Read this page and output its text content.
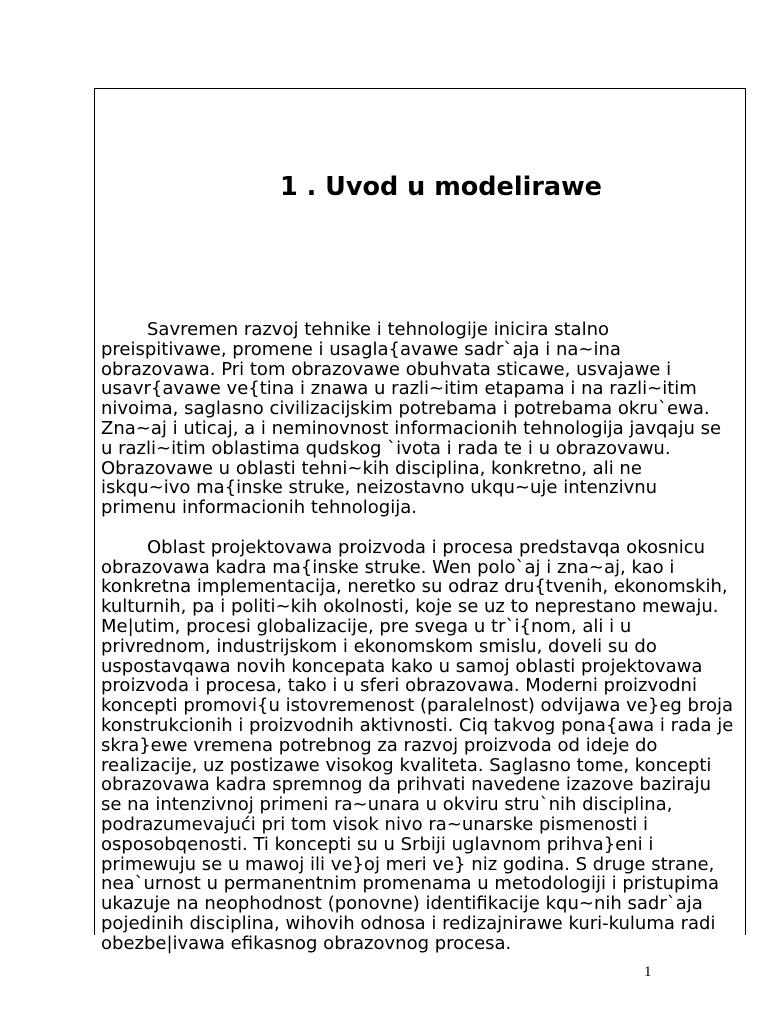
1 . Uvod u modelirawe
Savremen razvoj tehnike i tehnologije inicira stalno
preispitivawe, promene i usagla{avawe sadr`aja i na~ina
obrazovawa. Pri tom obrazovawe obuhvata sticawe, usvajawe i
usavr{avawe ve{tina i znawa u razli~itim etapama i na razli~itim
nivoima, saglasno civilizacijskim potrebama i potrebama okru`ewa.
Zna~aj i uticaj, a i neminovnost informacionih tehnologija javqaju se
u razli~itim oblastima qudskog `ivota i rada te i u obrazovawu.
Obrazovawe u oblasti tehni~kih disciplina, konkretno, ali ne
iskqu~ivo ma{inske struke, neizostavno ukqu~uje intenzivnu
primenu informacionih tehnologija.
Oblast projektovawa proizvoda i procesa predstavqa okosnicu
obrazovawa kadra ma{inske struke. Wen polo`aj i zna~aj, kao i
konkretna implementacija, neretko su odraz dru{tvenih, ekonomskih,
kulturnih, pa i politi~kih okolnosti, koje se uz to neprestano mewaju.
Me|utim, procesi globalizacije, pre svega u tr`i{nom, ali i u
privrednom, industrijskom i ekonomskom smislu, doveli su do
uspostavqawa novih koncepata kako u samoj oblasti projektovawa
proizvoda i procesa, tako i u sferi obrazovawa. Moderni proizvodni
koncepti promovi{u istovremenost (paralelnost) odvijawa ve}eg broja
konstrukcionih i proizvodnih aktivnosti. Ciq takvog pona{awa i rada je
skra}ewe vremena potrebnog za razvoj proizvoda od ideje do
realizacije, uz postizawe visokog kvaliteta. Saglasno tome, koncepti
obrazovawa kadra spremnog da prihvati navedene izazove baziraju
se na intenzivnoj primeni ra~unara u okviru stru`nih disciplina,
podrazumevajući pri tom visok nivo ra~unarske pismenosti i
osposobqenosti. Ti koncepti su u Srbiji uglavnom prihva}eni i
primewuju se u mawoj ili ve}oj meri ve} niz godina. S druge strane,
nea`urnost u permanentnim promenama u metodologiji i pristupima
ukazuje na neophodnost (ponovne) identifikacije kqu~nih sadr`aja
pojedinih disciplina, wihovih odnosa i redizajnirawe kuri-kuluma radi
obezbe|ivawa efikasnog obrazovnog procesa.
1
